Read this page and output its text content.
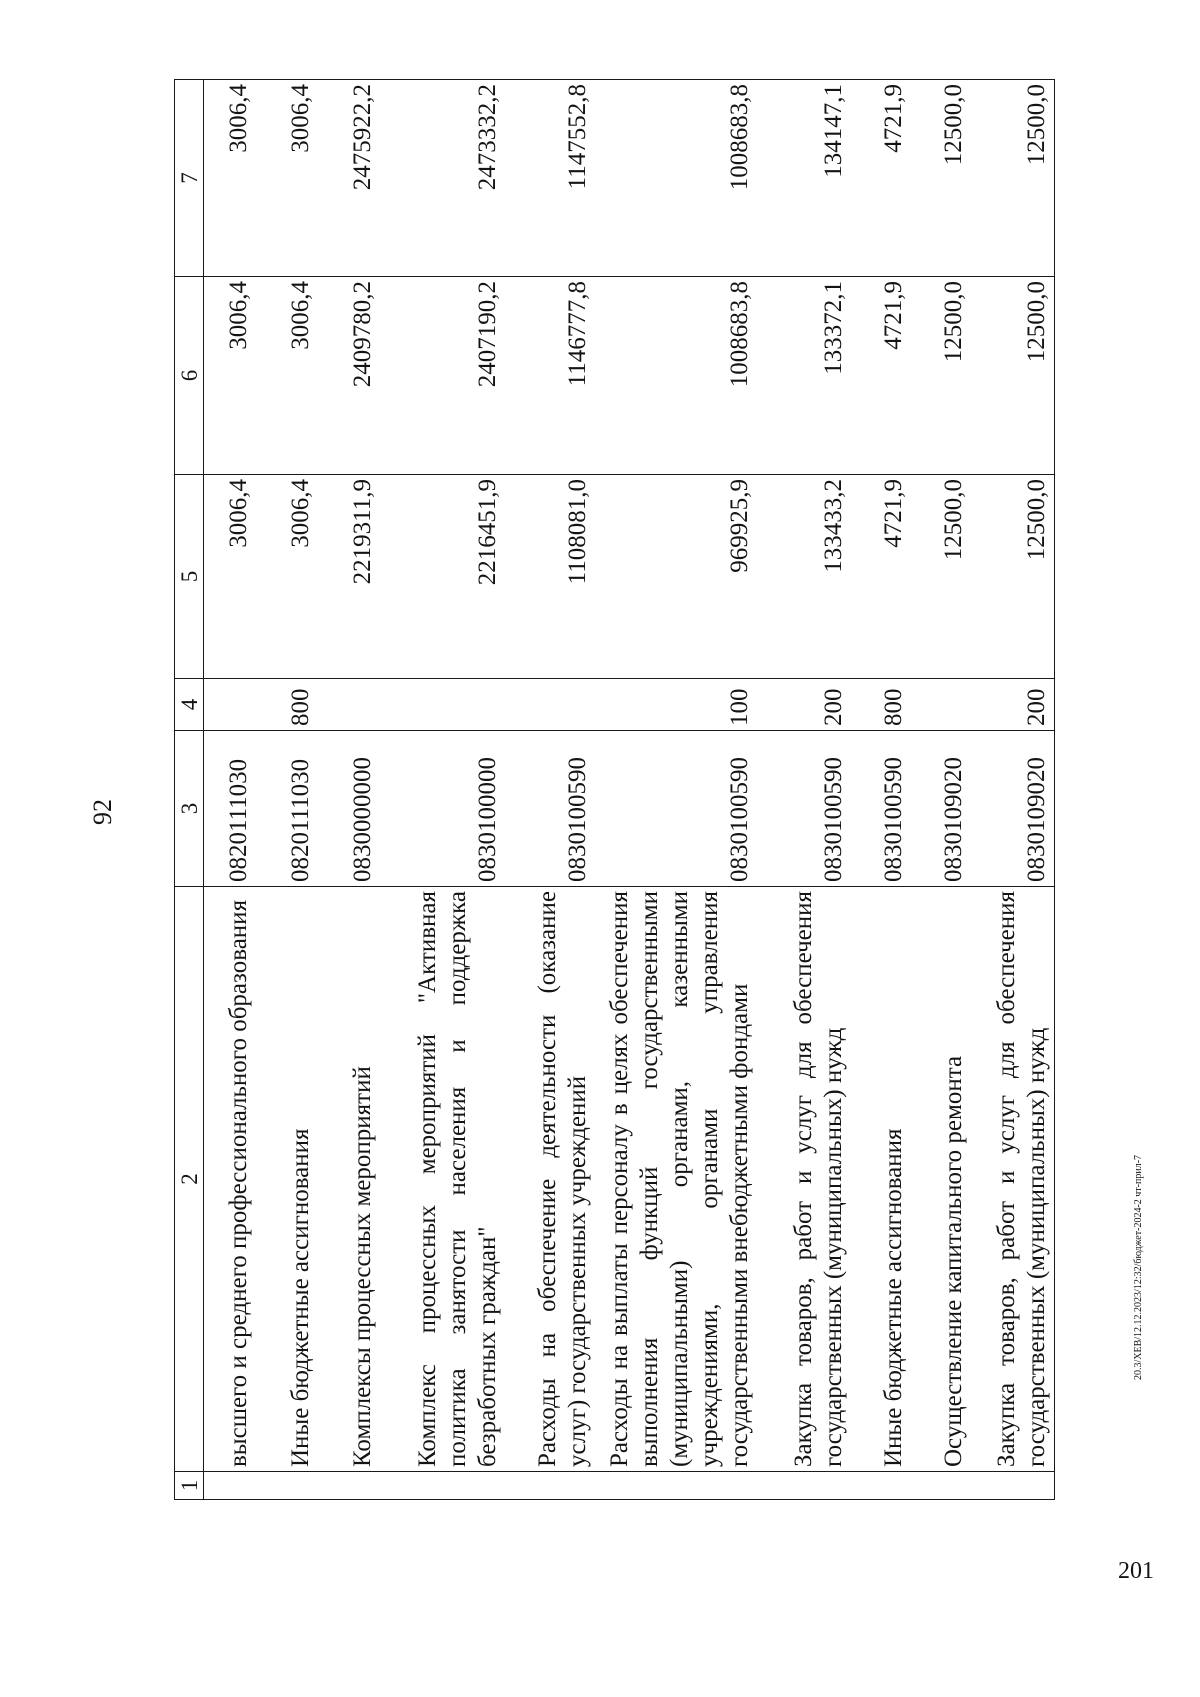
92
1	2	3	4	5	6	7
	высшего и среднего профессионального образования	0820111030		3006,4	3006,4	3006,4
	Иные бюджетные ассигнования	0820111030	800	3006,4	3006,4	3006,4
	Комплексы процессных мероприятий	0830000000		2219311,9	2409780,2	2475922,2
	Комплекс процессных мероприятий "Активная политика занятости населения и поддержка безработных граждан"	0830100000		2216451,9	2407190,2	2473332,2
	Расходы на обеспечение деятельности (оказание услуг) государственных учреждений	0830100590		1108081,0	1146777,8	1147552,8
	Расходы на выплаты персоналу в целях обеспечения выполнения функций государственными (муниципальными) органами, казенными учреждениями, органами управления государственными внебюджетными фондами	0830100590	100	969925,9	1008683,8	1008683,8
	Закупка товаров, работ и услуг для обеспечения государственных (муниципальных) нужд	0830100590	200	133433,2	133372,1	134147,1
	Иные бюджетные ассигнования	0830100590	800	4721,9	4721,9	4721,9
	Осуществление капитального ремонта	0830109020		12500,0	12500,0	12500,0
	Закупка товаров, работ и услуг для обеспечения государственных (муниципальных) нужд	0830109020	200	12500,0	12500,0	12500,0
20.3/ХЕВ/12.12.2023/12:32/бюджет-2024-2 чт-прил-7
201
